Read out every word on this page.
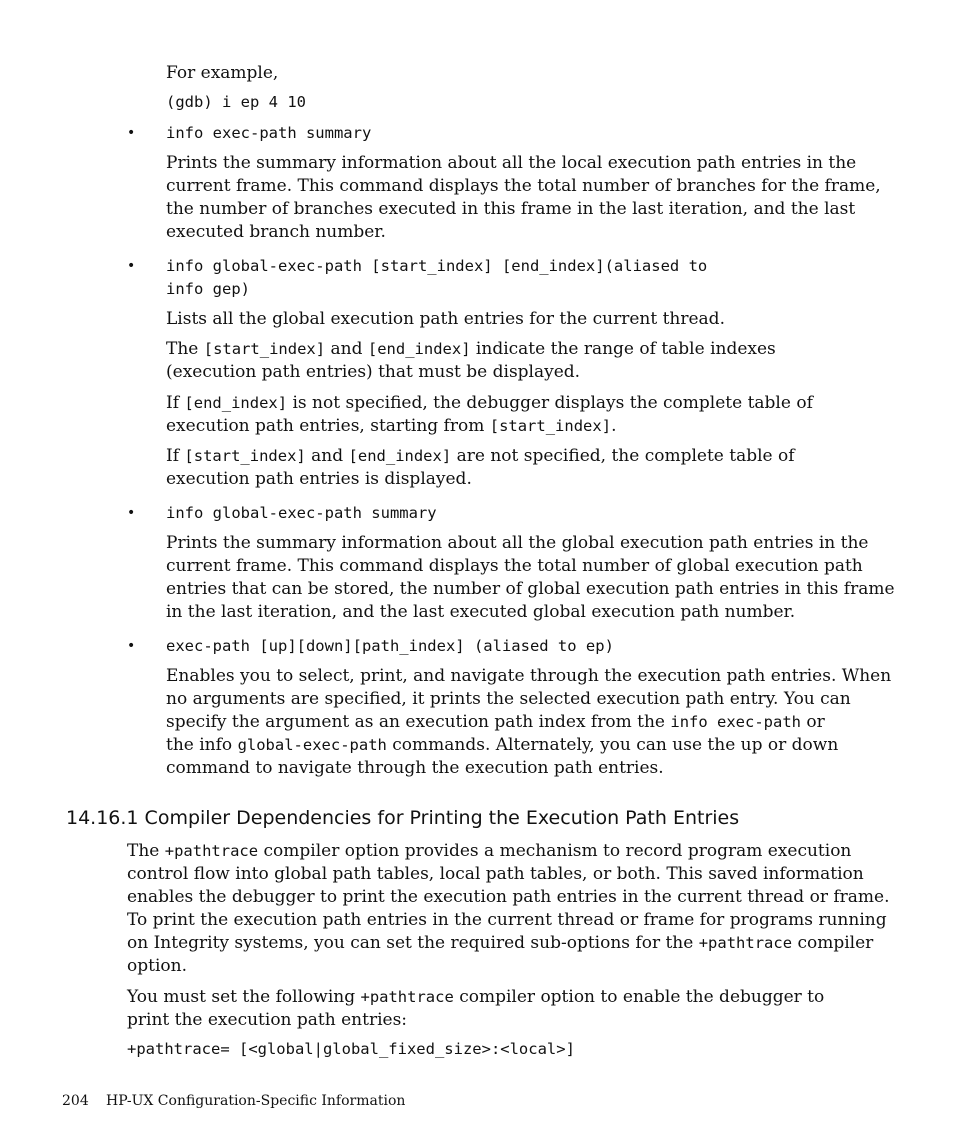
For example,

(gdb) i ep 4 10

• info exec-path summary

Prints the summary information about all the local execution path entries in the

current frame. This command displays the total number of branches for the frame,

the number of branches executed in this frame in the last iteration, and the last

executed branch number.

• info global-exec-path [start_index] [end_index](aliased to

info gep)

Lists all the global execution path entries for the current thread.

The [start_index] and [end_index] indicate the range of table indexes

(execution path entries) that must be displayed.

If [end_index] is not specified, the debugger displays the complete table of

execution path entries, starting from [start_index].

If [start_index] and [end_index] are not specified, the complete table of

execution path entries is displayed.

• info global-exec-path summary

Prints the summary information about all the global execution path entries in the

current frame. This command displays the total number of global execution path

entries that can be stored, the number of global execution path entries in this frame

in the last iteration, and the last executed global execution path number.

• exec-path [up][down][path_index] (aliased to ep)

Enables you to select, print, and navigate through the execution path entries. When

no arguments are specified, it prints the selected execution path entry. You can

specify the argument as an execution path index from the info exec-path or

the info global-exec-path commands. Alternately, you can use the up or down

command to navigate through the execution path entries.

14.16.1 Compiler Dependencies for Printing the Execution Path Entries

The +pathtrace compiler option provides a mechanism to record program execution

control flow into global path tables, local path tables, or both. This saved information

enables the debugger to print the execution path entries in the current thread or frame.

To print the execution path entries in the current thread or frame for programs running

on Integrity systems, you can set the required sub-options for the +pathtrace compiler

option.

You must set the following +pathtrace compiler option to enable the debugger to

print the execution path entries:

+pathtrace= [<global|global_fixed_size>:<local>]

204 HP-UX Configuration-Specific Information
